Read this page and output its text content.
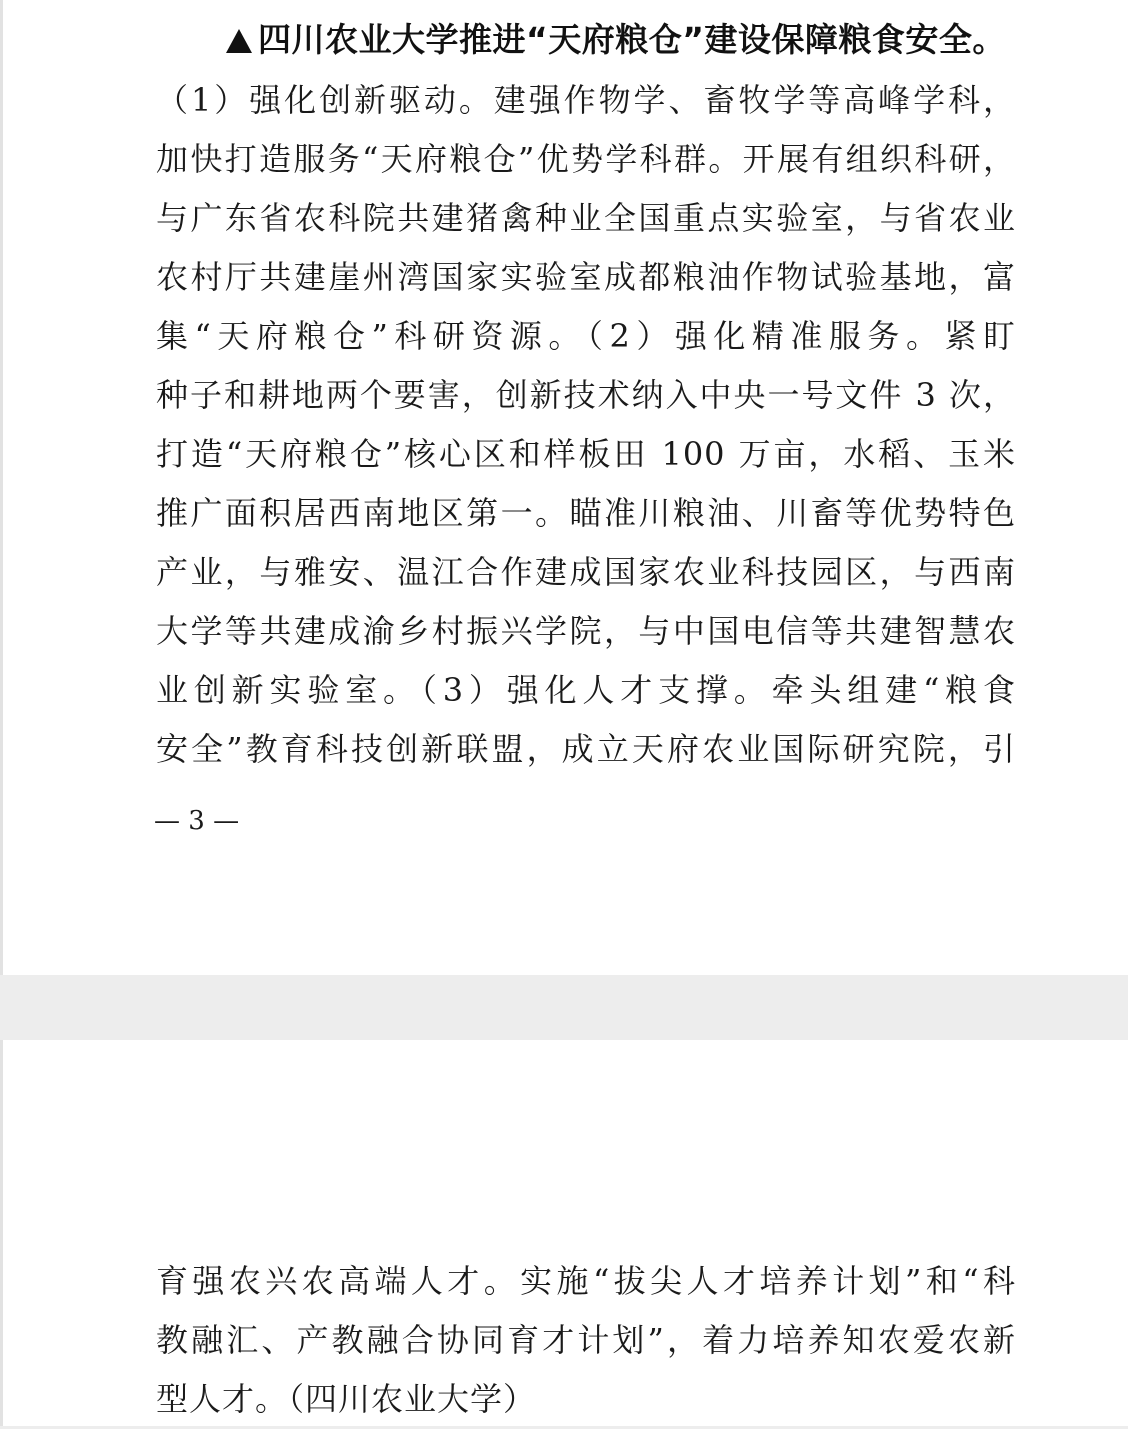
四川农业大学推进“天府粮仓”建设保障粮食安全。
（1）强化创新驱动。建强作物学、畜牧学等高峰学科，
加快打造服务“天府粮仓”优势学科群。开展有组织科研，
与广东省农科院共建猪禽种业全国重点实验室，与省农业
农村厅共建崖州湾国家实验室成都粮油作物试验基地，富
集“天府粮仓”科研资源。（2）强化精准服务。紧盯
种子和耕地两个要害，创新技术纳入中央一号文件 3 次，
打造“天府粮仓”核心区和样板田 100 万亩，水稻、玉米
推广面积居西南地区第一。瞄准川粮油、川畜等优势特色
产业，与雅安、温江合作建成国家农业科技园区，与西南
大学等共建成渝乡村振兴学院，与中国电信等共建智慧农
业创新实验室。（3）强化人才支撑。牵头组建“粮食
安全”教育科技创新联盟，成立天府农业国际研究院，引
— 3 —
育强农兴农高端人才。实施“拔尖人才培养计划”和“科
教融汇、产教融合协同育才计划”，着力培养知农爱农新
型人才。（四川农业大学）
